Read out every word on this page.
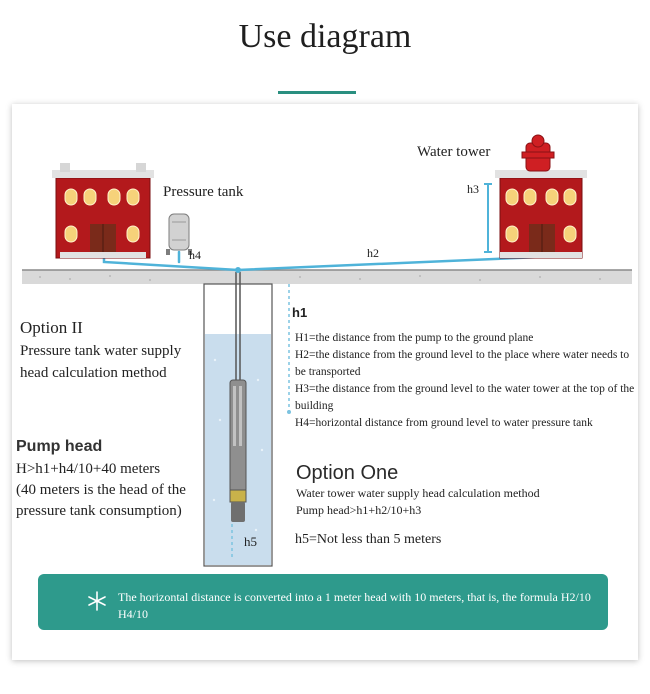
Use diagram
Pressure tank
Water tower
h4	h2
h3
h1
h5
Option II
Pressure tank water supply head calculation method
Pump head
H>h1+h4/10+40 meters
(40 meters is the head of the pressure tank consumption)
H1=the distance from the pump to the ground plane
H2=the distance from the ground level to the place where water needs to be transported
H3=the distance from the ground level to the water tower at the top of the building
H4=horizontal distance from ground level to water pressure tank
Option One
Water tower water supply head calculation method
Pump head>h1+h2/10+h3
h5=Not less than 5 meters
The horizontal distance is converted into a 1 meter head with 10 meters, that is, the formula H2/10 H4/10
